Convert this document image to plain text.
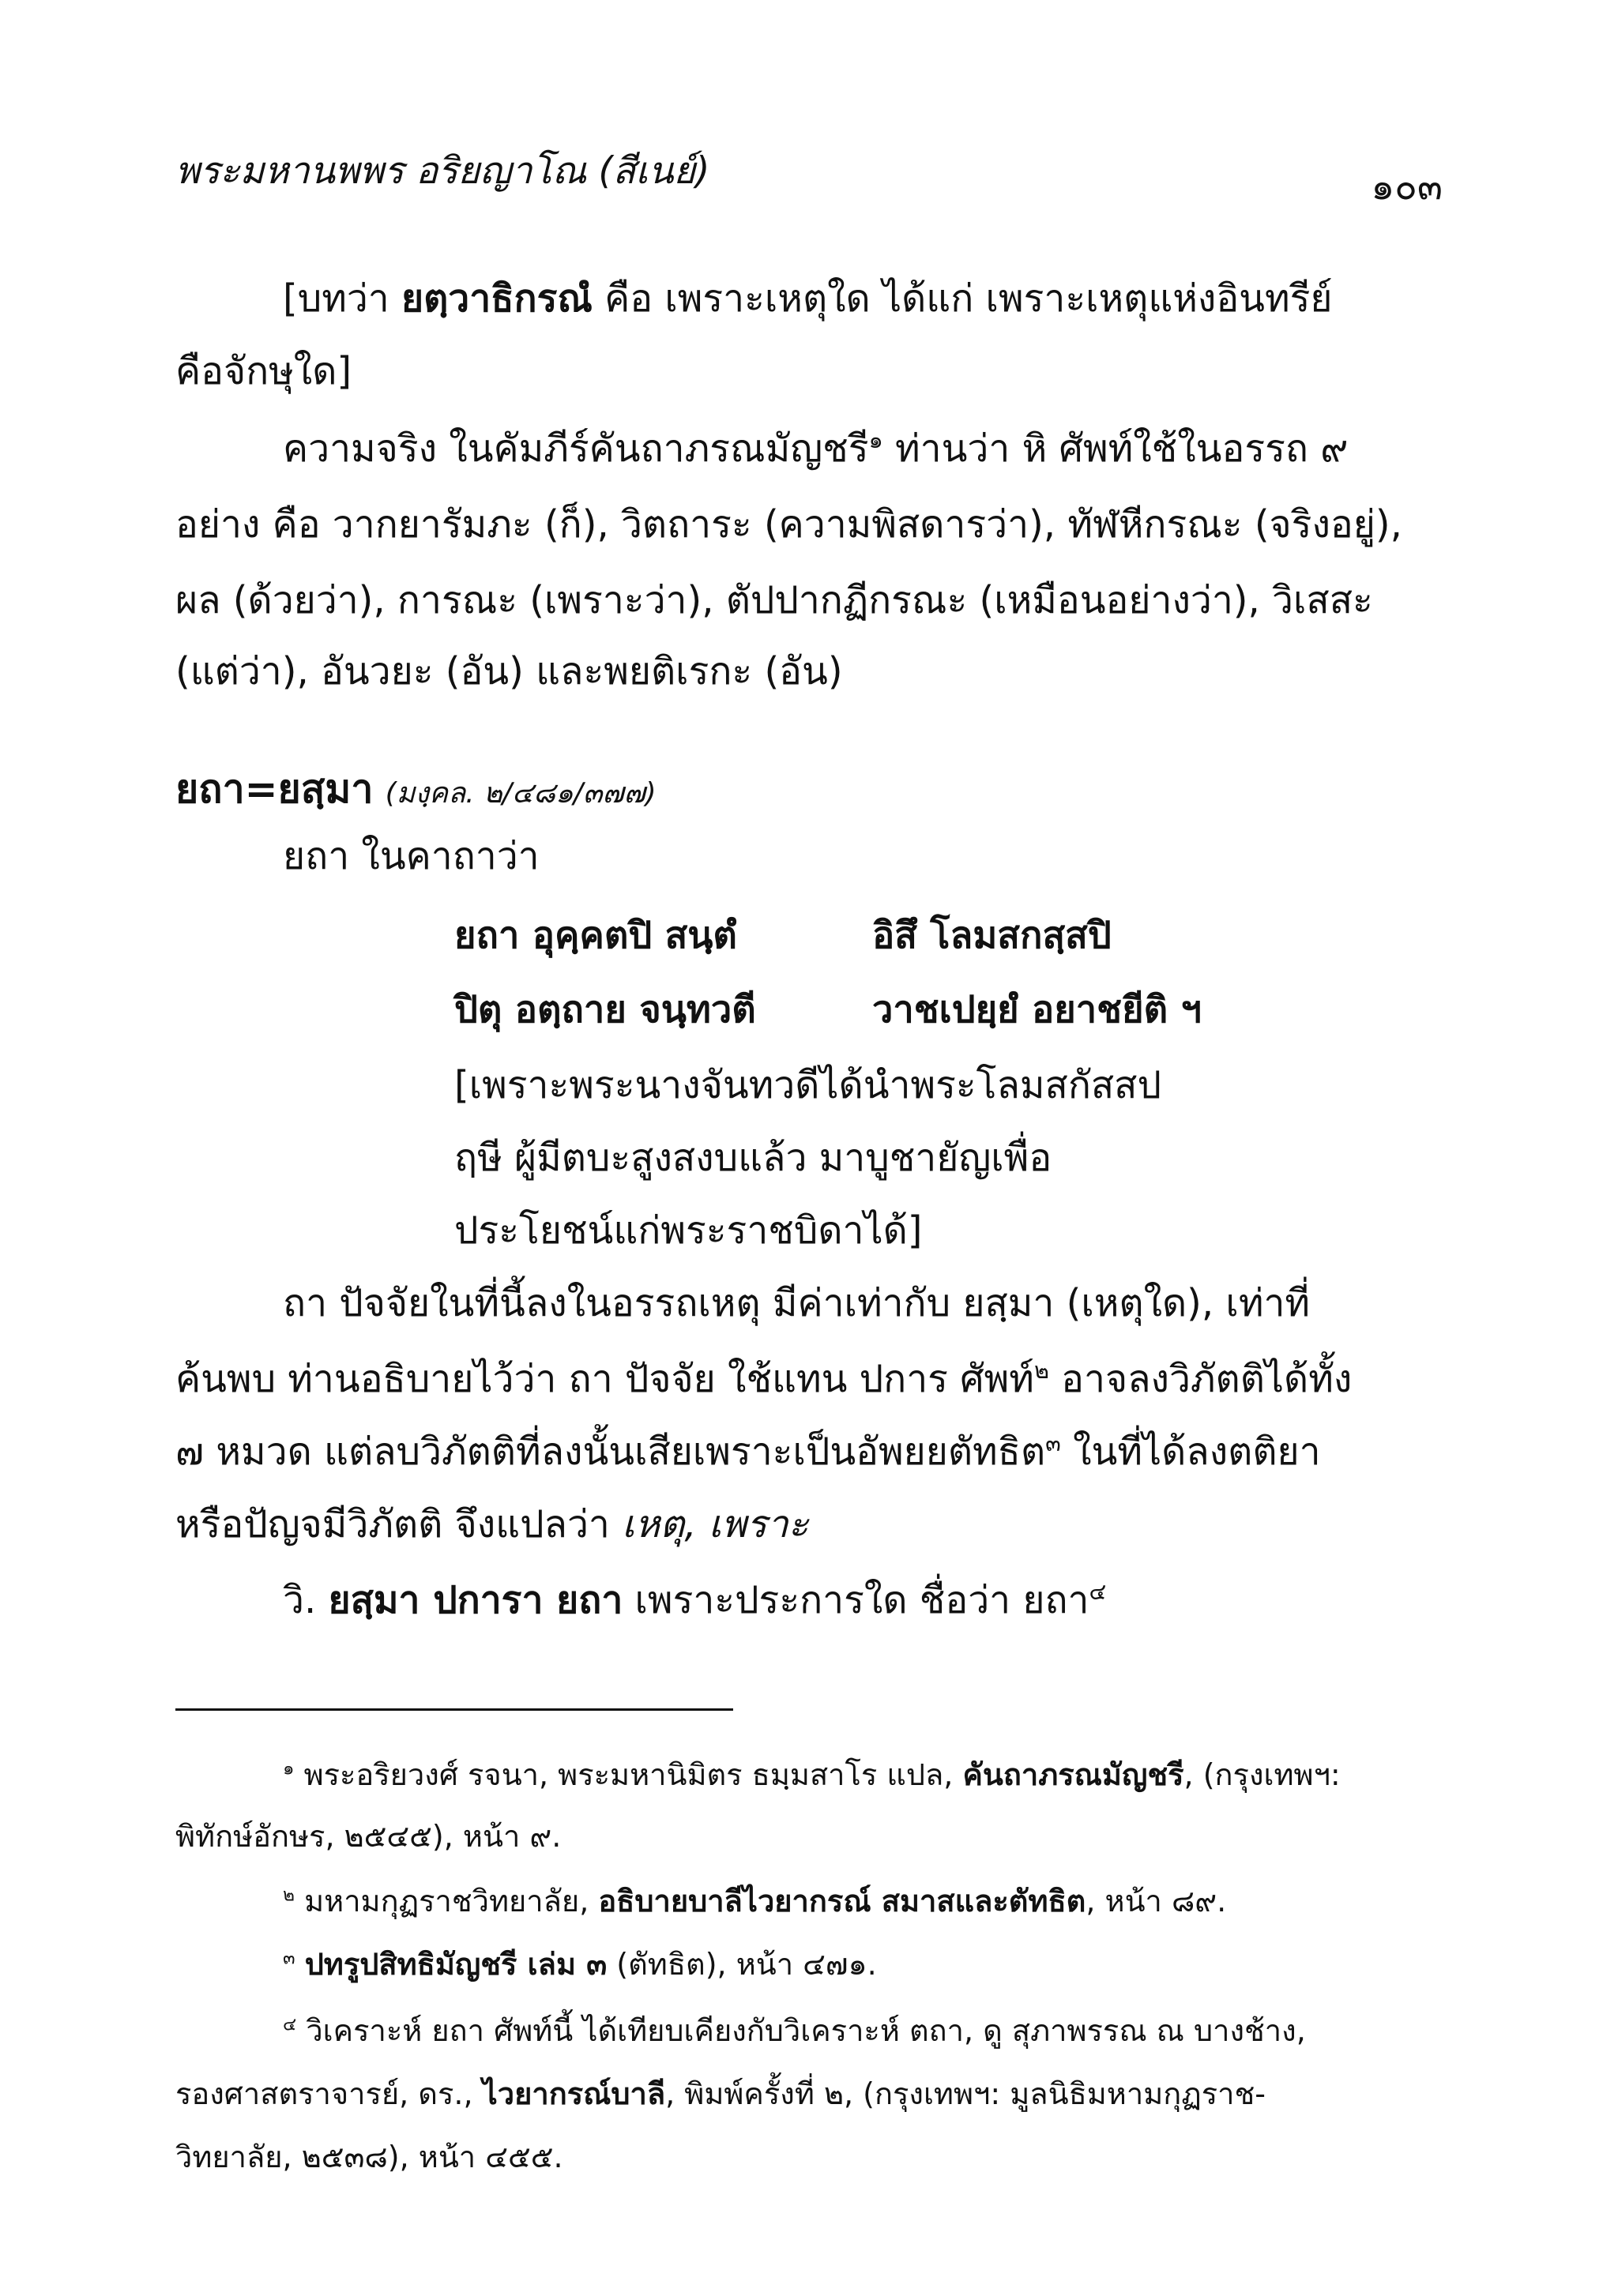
พระมหานพพร อริยญาโณ (สีเนย์)	๑๐๓
[บทว่า ยตฺวาธิกรณํ คือ เพราะเหตุใด ได้แก่ เพราะเหตุแห่งอินทรีย์
คือจักษุใด]
ความจริง ในคัมภีร์คันถาภรณมัญชรี$^๑$ ท่านว่า หิ ศัพท์ใช้ในอรรถ ๙
อย่าง คือ วากยารัมภะ (ก็), วิตถาระ (ความพิสดารว่า), ทัฬหีกรณะ (จริงอยู่),
ผล (ด้วยว่า), การณะ (เพราะว่า), ตัปปากฏีกรณะ (เหมือนอย่างว่า), วิเสสะ
(แต่ว่า), อันวยะ (อัน) และพยติเรกะ (อัน)
ยถา=ยสฺมา (มงฺคล. ๒/๔๘๑/๓๗๗)
ยถา ในคาถาว่า
ยถา อุคฺคตปิ สนฺตํ	อิสึ โลมสกสฺสปิ
ปิตุ อตฺถาย จนฺทวตี	วาชเปยฺยํ อยาชยีติ ฯ
[เพราะพระนางจันทวดีได้นำพระโลมสกัสสป
ฤษี ผู้มีตบะสูงสงบแล้ว มาบูชายัญเพื่อ
ประโยชน์แก่พระราชบิดาได้]
ถา ปัจจัยในที่นี้ลงในอรรถเหตุ มีค่าเท่ากับ ยสฺมา (เหตุใด), เท่าที่
ค้นพบ ท่านอธิบายไว้ว่า ถา ปัจจัย ใช้แทน ปการ ศัพท์$^๒$ อาจลงวิภัตติได้ทั้ง
๗ หมวด แต่ลบวิภัตติที่ลงนั้นเสียเพราะเป็นอัพยยตัทธิต$^๓$ ในที่ได้ลงตติยา
หรือปัญจมีวิภัตติ จึงแปลว่า เหตุ, เพราะ
วิ. ยสฺมา ปการา ยถา เพราะประการใด ชื่อว่า ยถา$^๔$
$^๑$ พระอริยวงศ์ รจนา, พระมหานิมิตร ธมฺมสาโร แปล, คันถาภรณมัญชรี, (กรุงเทพฯ:
พิทักษ์อักษร, ๒๕๔๕), หน้า ๙.
$^๒$ มหามกุฏราชวิทยาลัย, อธิบายบาลีไวยากรณ์ สมาสและตัทธิต, หน้า ๘๙.
$^๓$ ปทรูปสิทธิมัญชรี เล่ม ๓ (ตัทธิต), หน้า ๔๗๑.
$^๔$ วิเคราะห์ ยถา ศัพท์นี้ ได้เทียบเคียงกับวิเคราะห์ ตถา, ดู สุภาพรรณ ณ บางช้าง,
รองศาสตราจารย์, ดร., ไวยากรณ์บาลี, พิมพ์ครั้งที่ ๒, (กรุงเทพฯ: มูลนิธิมหามกุฏราช-
วิทยาลัย, ๒๕๓๘), หน้า ๔๕๕.
